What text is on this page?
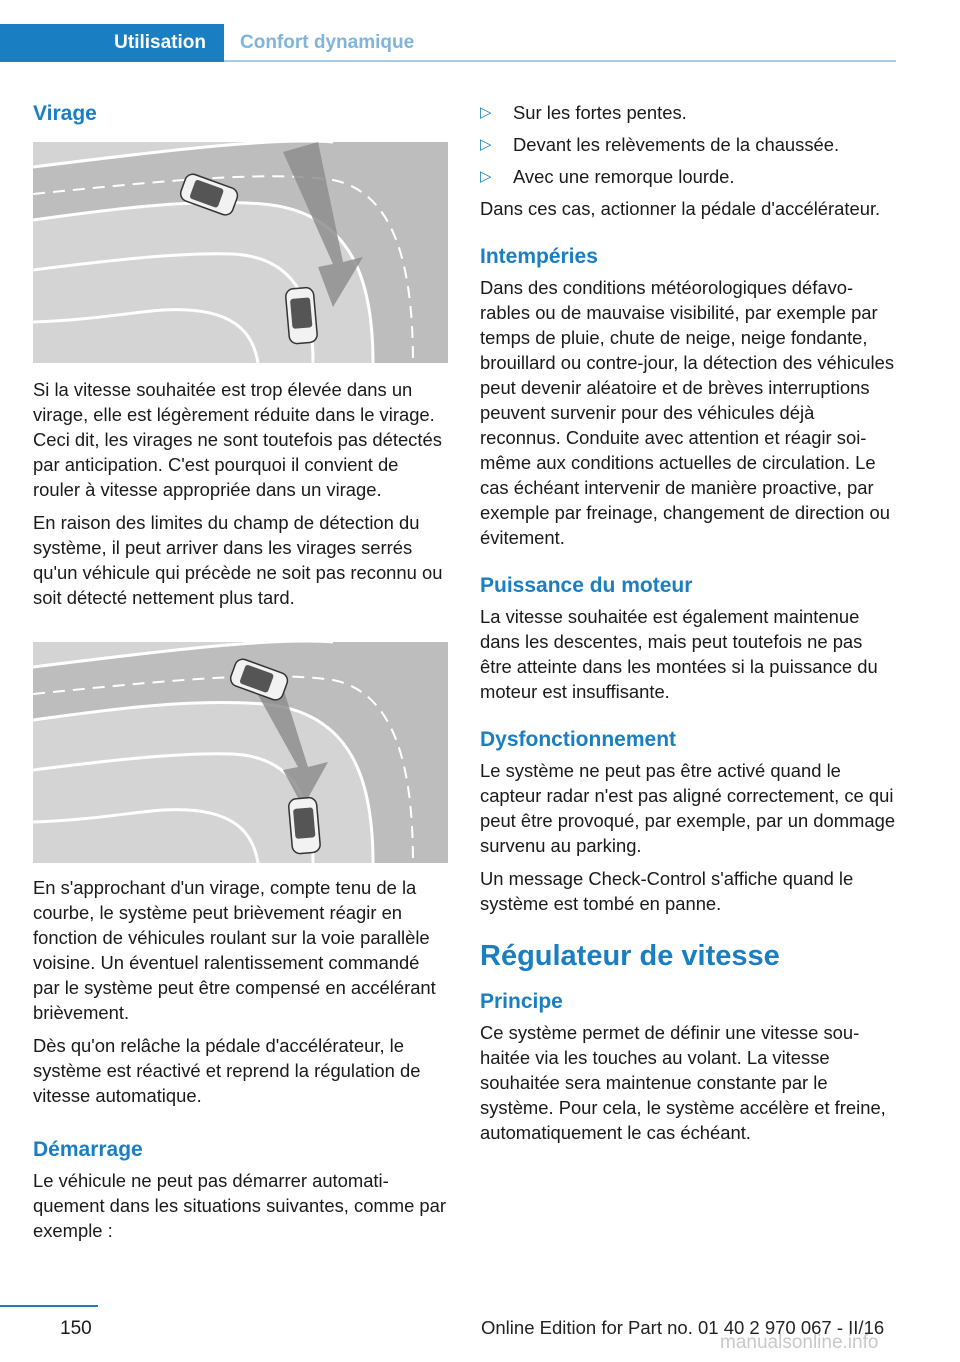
Utilisation Confort dynamique
Virage

Si la vitesse souhaitée est trop élevée dans un virage, elle est légèrement réduite dans le virage. Ceci dit, les virages ne sont toutefois pas détectés par anticipation. C'est pourquoi il convient de rouler à vitesse appropriée dans un virage.

En raison des limites du champ de détection du système, il peut arriver dans les virages serrés qu'un véhicule qui précède ne soit pas reconnu ou soit détecté nettement plus tard.

En s'approchant d'un virage, compte tenu de la courbe, le système peut brièvement réagir en fonction de véhicules roulant sur la voie parallèle voisine. Un éventuel ralentissement commandé par le système peut être compensé en accélérant brièvement.

Dès qu'on relâche la pédale d'accélérateur, le système est réactivé et reprend la régulation de vitesse automatique.

Démarrage

Le véhicule ne peut pas démarrer automatiquement dans les situations suivantes, comme par exemple :

▷	Sur les fortes pentes.
▷	Devant les relèvements de la chaussée.
▷	Avec une remorque lourde.

Dans ces cas, actionner la pédale d'accélérateur.

Intempéries

Dans des conditions météorologiques défavorables ou de mauvaise visibilité, par exemple par temps de pluie, chute de neige, neige fondante, brouillard ou contre-jour, la détection des véhicules peut devenir aléatoire et de brèves interruptions peuvent survenir pour des véhicules déjà reconnus. Conduite avec attention et réagir soi-même aux conditions actuelles de circulation. Le cas échéant intervenir de manière proactive, par exemple par freinage, changement de direction ou évitement.

Puissance du moteur

La vitesse souhaitée est également maintenue dans les descentes, mais peut toutefois ne pas être atteinte dans les montées si la puissance du moteur est insuffisante.

Dysfonctionnement

Le système ne peut pas être activé quand le capteur radar n'est pas aligné correctement, ce qui peut être provoqué, par exemple, par un dommage survenu au parking.

Un message Check-Control s'affiche quand le système est tombé en panne.

Régulateur de vitesse
Principe

Ce système permet de définir une vitesse souhaitée via les touches au volant. La vitesse souhaitée sera maintenue constante par le système. Pour cela, le système accélère et freine, automatiquement le cas échéant.

150	Online Edition for Part no. 01 40 2 970 067 - II/16
manualsonline.info
